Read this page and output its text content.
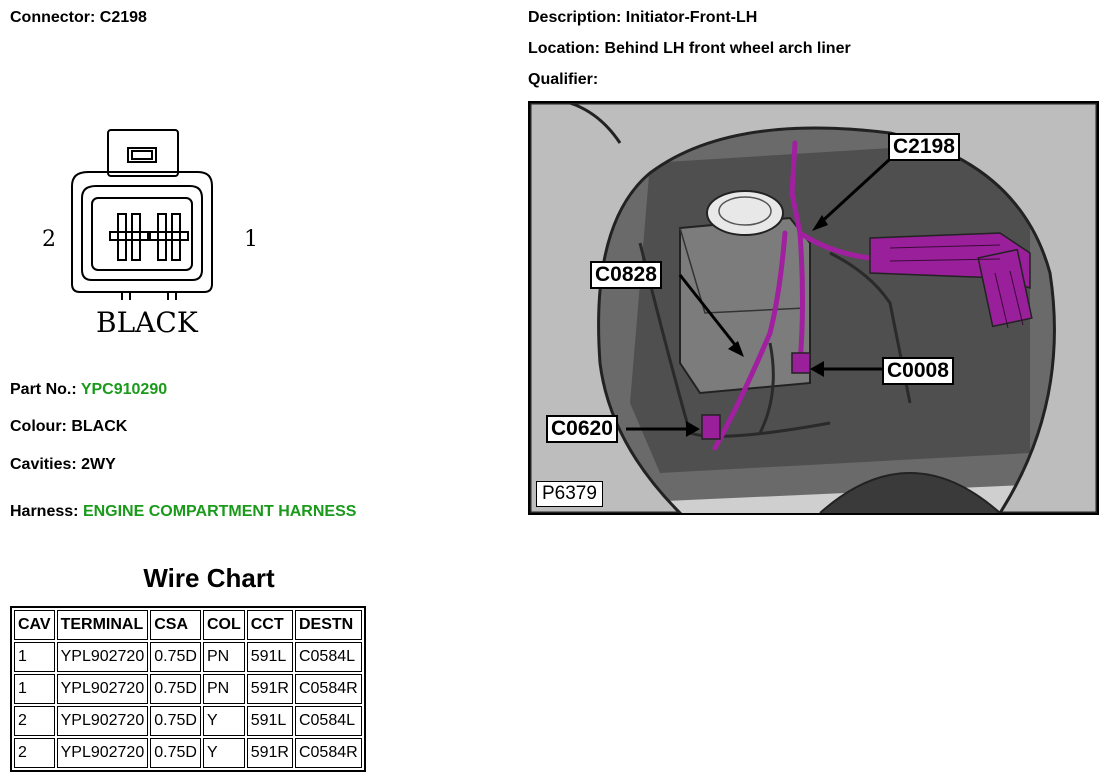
Connector: C2198	Description: Initiator-Front-LH
Location: Behind LH front wheel arch liner
Qualifier:
2	1
BLACK
Part No.: YPC910290
Colour: BLACK
Cavities: 2WY
Harness: ENGINE COMPARTMENT HARNESS
Wire Chart
CAV	TERMINAL	CSA	COL	CCT	DESTN
1	YPL902720	0.75D	PN	591L	C0584L
1	YPL902720	0.75D	PN	591R	C0584R
2	YPL902720	0.75D	Y	591L	C0584L
2	YPL902720	0.75D	Y	591R	C0584R
C2198
C0828
C0008
C0620
P6379
